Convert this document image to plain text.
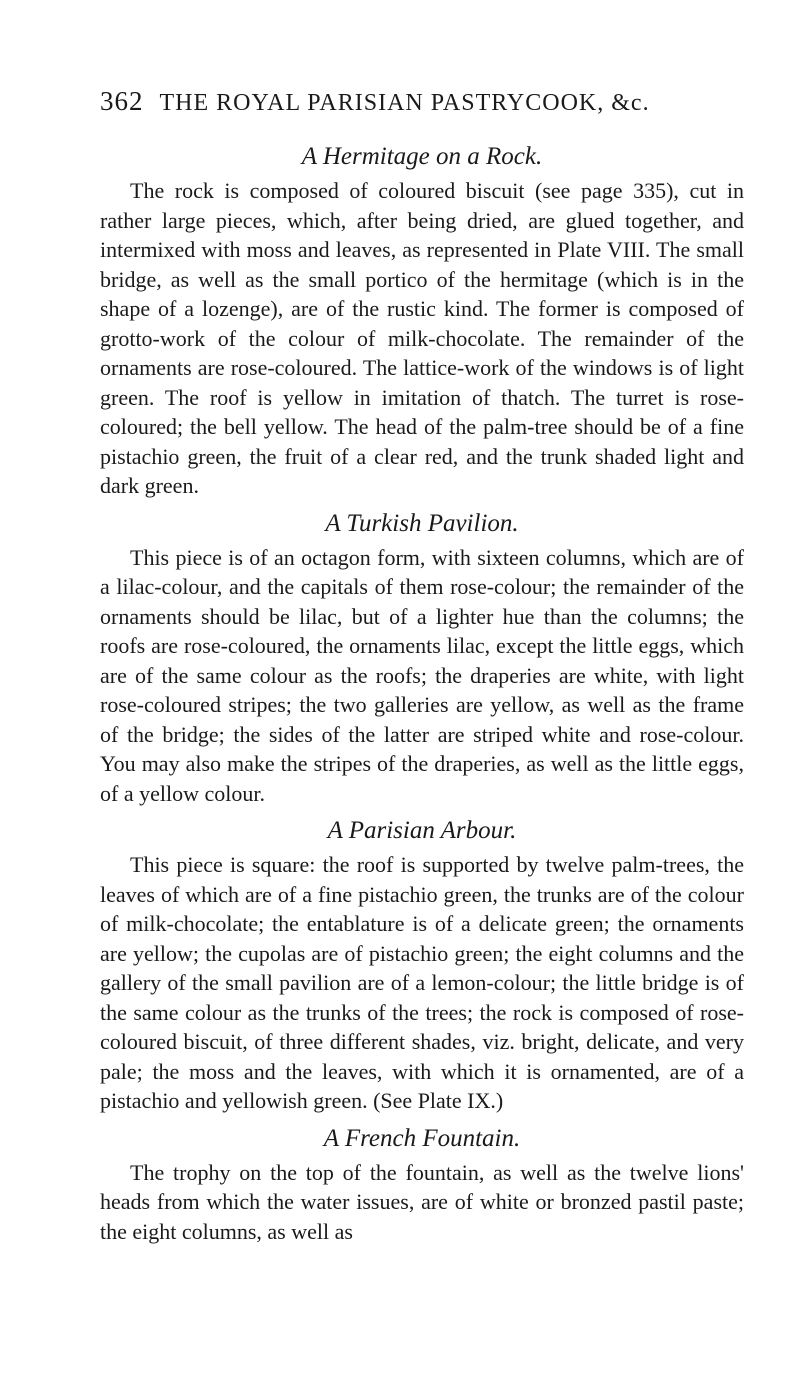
362 THE ROYAL PARISIAN PASTRYCOOK, &c.
A Hermitage on a Rock.

The rock is composed of coloured biscuit (see page 335), cut in rather large pieces, which, after being dried, are glued together, and intermixed with moss and leaves, as represented in Plate VIII. The small bridge, as well as the small portico of the hermitage (which is in the shape of a lozenge), are of the rustic kind. The former is composed of grotto-work of the colour of milk-chocolate. The remainder of the ornaments are rose-coloured. The lattice-work of the windows is of light green. The roof is yellow in imitation of thatch. The turret is rose-coloured; the bell yellow. The head of the palm-tree should be of a fine pistachio green, the fruit of a clear red, and the trunk shaded light and dark green.

A Turkish Pavilion.

This piece is of an octagon form, with sixteen columns, which are of a lilac-colour, and the capitals of them rose-colour; the remainder of the ornaments should be lilac, but of a lighter hue than the columns; the roofs are rose-coloured, the ornaments lilac, except the little eggs, which are of the same colour as the roofs; the draperies are white, with light rose-coloured stripes; the two galleries are yellow, as well as the frame of the bridge; the sides of the latter are striped white and rose-colour. You may also make the stripes of the draperies, as well as the little eggs, of a yellow colour.

A Parisian Arbour.

This piece is square: the roof is supported by twelve palm-trees, the leaves of which are of a fine pistachio green, the trunks are of the colour of milk-chocolate; the entablature is of a delicate green; the ornaments are yellow; the cupolas are of pistachio green; the eight columns and the gallery of the small pavilion are of a lemon-colour; the little bridge is of the same colour as the trunks of the trees; the rock is composed of rose-coloured biscuit, of three different shades, viz. bright, delicate, and very pale; the moss and the leaves, with which it is ornamented, are of a pistachio and yellowish green. (See Plate IX.)

A French Fountain.

The trophy on the top of the fountain, as well as the twelve lions' heads from which the water issues, are of white or bronzed pastil paste; the eight columns, as well as
